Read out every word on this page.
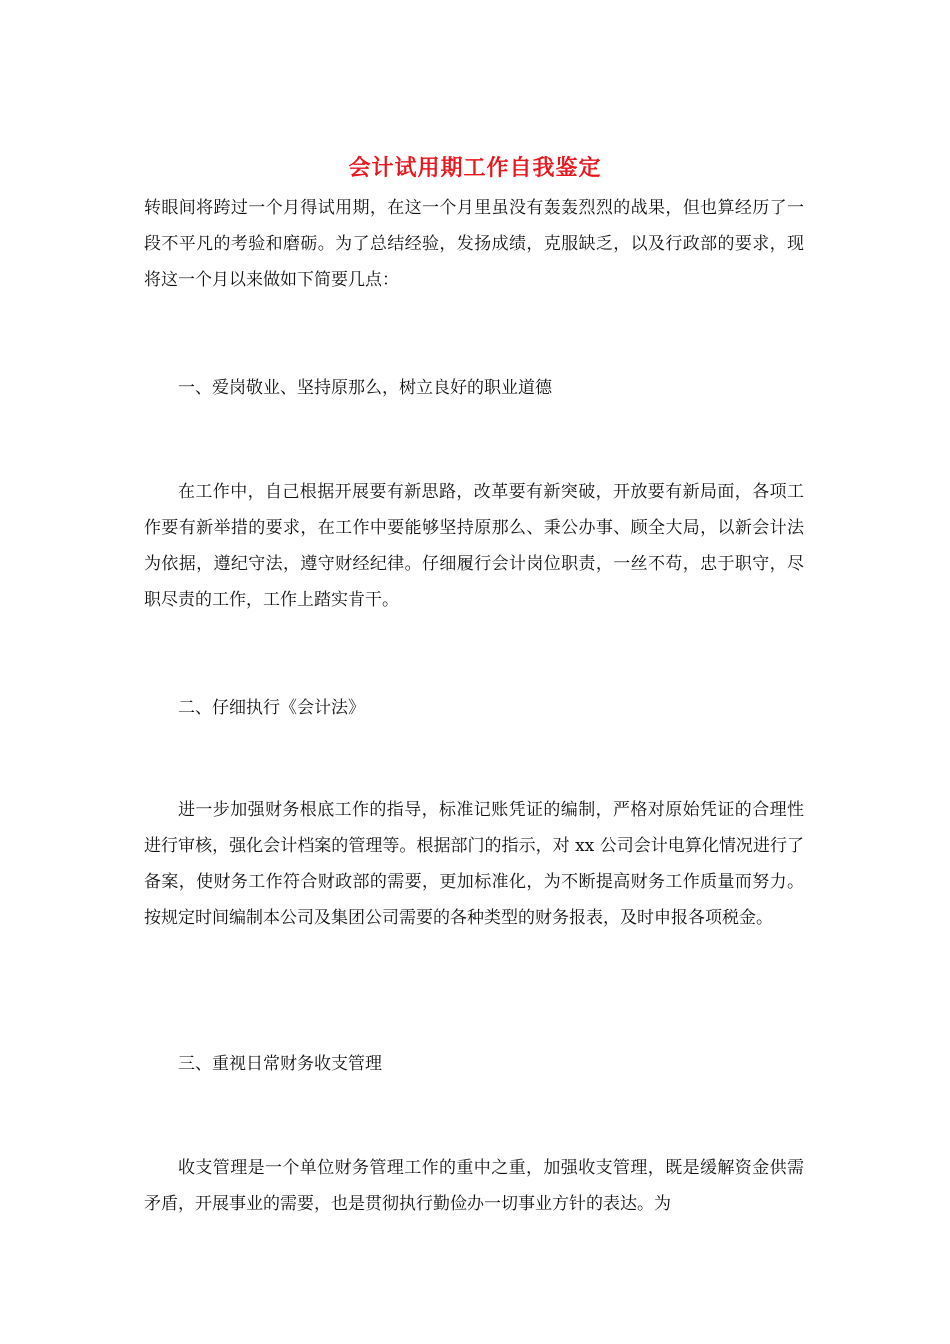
会计试用期工作自我鉴定

转眼间将跨过一个月得试用期，在这一个月里虽没有轰轰烈烈的战果，但也算经历了一段不平凡的考验和磨砺。为了总结经验，发扬成绩，克服缺乏，以及行政部的要求，现将这一个月以来做如下简要几点：

一、爱岗敬业、坚持原那么，树立良好的职业道德

在工作中，自己根据开展要有新思路，改革要有新突破，开放要有新局面，各项工作要有新举措的要求，在工作中要能够坚持原那么、秉公办事、顾全大局，以新会计法为依据，遵纪守法，遵守财经纪律。仔细履行会计岗位职责，一丝不苟，忠于职守，尽职尽责的工作，工作上踏实肯干。

二、仔细执行《会计法》

进一步加强财务根底工作的指导，标准记账凭证的编制，严格对原始凭证的合理性进行审核，强化会计档案的管理等。根据部门的指示，对 xx 公司会计电算化情况进行了备案，使财务工作符合财政部的需要，更加标准化，为不断提高财务工作质量而努力。按规定时间编制本公司及集团公司需要的各种类型的财务报表，及时申报各项税金。

三、重视日常财务收支管理

收支管理是一个单位财务管理工作的重中之重，加强收支管理，既是缓解资金供需矛盾，开展事业的需要，也是贯彻执行勤俭办一切事业方针的表达。为
